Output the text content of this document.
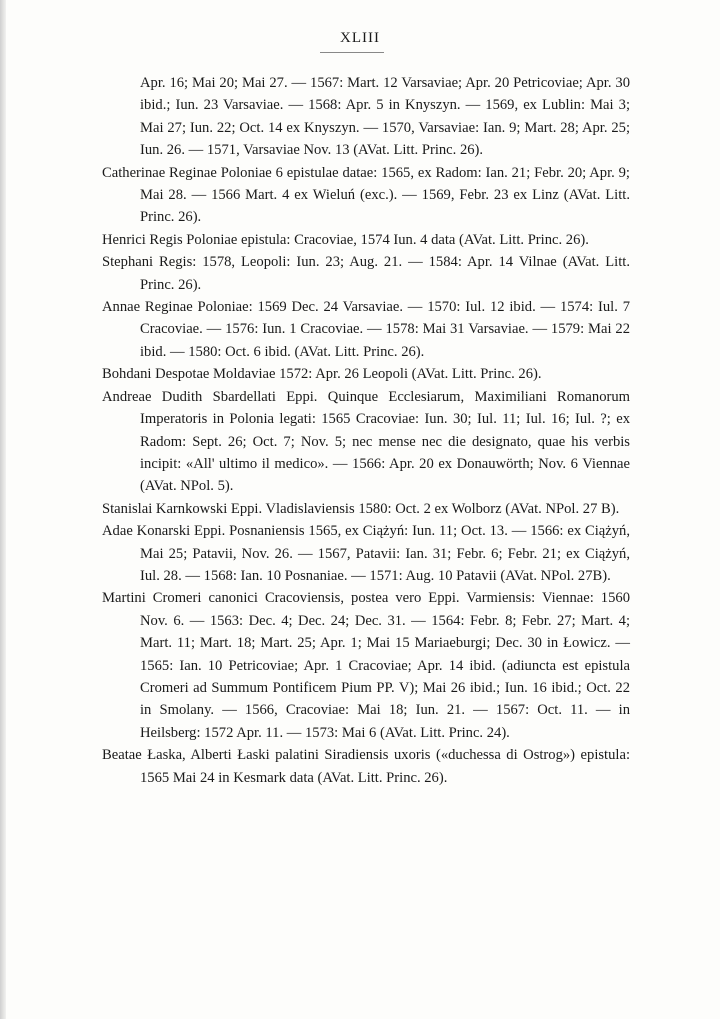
XLIII

Apr. 16; Mai 20; Mai 27. — 1567: Mart. 12 Varsaviae; Apr. 20 Petricoviae; Apr. 30 ibid.; Iun. 23 Varsaviae. — 1568: Apr. 5 in Knyszyn. — 1569, ex Lublin: Mai 3; Mai 27; Iun. 22; Oct. 14 ex Knyszyn. — 1570, Varsaviae: Ian. 9; Mart. 28; Apr. 25; Iun. 26. — 1571, Varsaviae Nov. 13 (AVat. Litt. Princ. 26).

Catherinae Reginae Poloniae 6 epistulae datae: 1565, ex Radom: Ian. 21; Febr. 20; Apr. 9; Mai 28. — 1566 Mart. 4 ex Wieluń (exc.). — 1569, Febr. 23 ex Linz (AVat. Litt. Princ. 26).

Henrici Regis Poloniae epistula: Cracoviae, 1574 Iun. 4 data (AVat. Litt. Princ. 26).

Stephani Regis: 1578, Leopoli: Iun. 23; Aug. 21. — 1584: Apr. 14 Vilnae (AVat. Litt. Princ. 26).

Annae Reginae Poloniae: 1569 Dec. 24 Varsaviae. — 1570: Iul. 12 ibid. — 1574: Iul. 7 Cracoviae. — 1576: Iun. 1 Cracoviae. — 1578: Mai 31 Varsaviae. — 1579: Mai 22 ibid. — 1580: Oct. 6 ibid. (AVat. Litt. Princ. 26).

Bohdani Despotae Moldaviae 1572: Apr. 26 Leopoli (AVat. Litt. Princ. 26).

Andreae Dudith Sbardellati Eppi. Quinque Ecclesiarum, Maximiliani Romanorum Imperatoris in Polonia legati: 1565 Cracoviae: Iun. 30; Iul. 11; Iul. 16; Iul. ?; ex Radom: Sept. 26; Oct. 7; Nov. 5; nec mense nec die designato, quae his verbis incipit: «All' ultimo il medico». — 1566: Apr. 20 ex Donauwörth; Nov. 6 Viennae (AVat. NPol. 5).

Stanislai Karnkowski Eppi. Vladislaviensis 1580: Oct. 2 ex Wolborz (AVat. NPol. 27 B).

Adae Konarski Eppi. Posnaniensis 1565, ex Ciążyń: Iun. 11; Oct. 13. — 1566: ex Ciążyń, Mai 25; Patavii, Nov. 26. — 1567, Patavii: Ian. 31; Febr. 6; Febr. 21; ex Ciążyń, Iul. 28. — 1568: Ian. 10 Posnaniae. — 1571: Aug. 10 Patavii (AVat. NPol. 27B).

Martini Cromeri canonici Cracoviensis, postea vero Eppi. Varmiensis: Viennae: 1560 Nov. 6. — 1563: Dec. 4; Dec. 24; Dec. 31. — 1564: Febr. 8; Febr. 27; Mart. 4; Mart. 11; Mart. 18; Mart. 25; Apr. 1; Mai 15 Mariaeburgi; Dec. 30 in Łowicz. — 1565: Ian. 10 Petricoviae; Apr. 1 Cracoviae; Apr. 14 ibid. (adiuncta est epistula Cromeri ad Summum Pontificem Pium PP. V); Mai 26 ibid.; Iun. 16 ibid.; Oct. 22 in Smolany. — 1566, Cracoviae: Mai 18; Iun. 21. — 1567: Oct. 11. — in Heilsberg: 1572 Apr. 11. — 1573: Mai 6 (AVat. Litt. Princ. 24).

Beatae Łaska, Alberti Łaski palatini Siradiensis uxoris («duchessa di Ostrog») epistula: 1565 Mai 24 in Kesmark data (AVat. Litt. Princ. 26).
